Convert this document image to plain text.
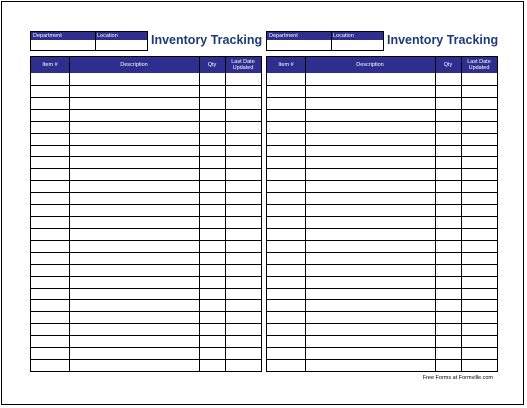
Department	Location	Inventory Tracking
Item #	Description	Qty	Last Date
Updated
Department	Location	Inventory Tracking
Item #	Description	Qty	Last Date
Updated
Free Forms at Formville.com
